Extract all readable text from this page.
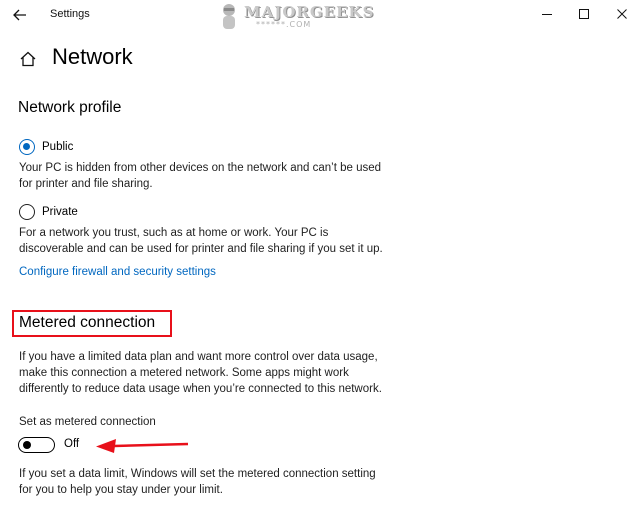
Settings	MAJORGEEKS
******.COM
Network
Network profile
Public
Your PC is hidden from other devices on the network and can’t be used for printer and file sharing.
Private
For a network you trust, such as at home or work. Your PC is discoverable and can be used for printer and file sharing if you set it up.
Configure firewall and security settings
Metered connection
If you have a limited data plan and want more control over data usage, make this connection a metered network. Some apps might work differently to reduce data usage when you’re connected to this network.
Set as metered connection
Off
If you set a data limit, Windows will set the metered connection setting for you to help you stay under your limit.
